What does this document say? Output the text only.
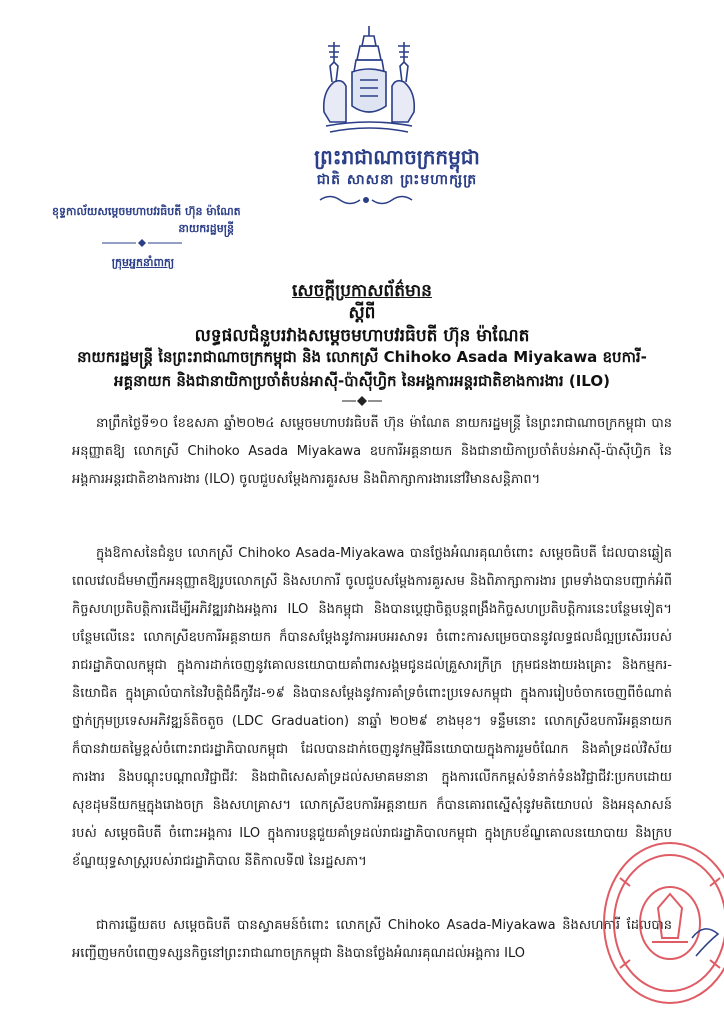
ព្រះរាជាណាចក្រកម្ពុជា
ជាតិ សាសនា ព្រះមហាក្សត្រ
ខុទ្ទកាល័យសម្តេចមហាបវរធិបតី ហ៊ុន ម៉ាណែត
នាយករដ្ឋមន្ត្រី
ក្រុមអ្នកនាំពាក្យ
សេចក្តីប្រកាសព័ត៌មាន
ស្តីពី
លទ្ធផលជំនួបរវាងសម្តេចមហាបវរធិបតី ហ៊ុន ម៉ាណែត
នាយករដ្ឋមន្ត្រី នៃព្រះរាជាណាចក្រកម្ពុជា និង លោកស្រី Chihoko Asada Miyakawa ឧបការី-
អគ្គនាយក និងជានាយិកាប្រចាំតំបន់អាស៊ី-ប៉ាស៊ីហ្វិក នៃអង្គការអន្តរជាតិខាងការងារ (ILO)

នាព្រឹកថ្ងៃទី១០ ខែឧសភា ឆ្នាំ២០២៤ សម្តេចមហាបវរធិបតី ហ៊ុន ម៉ាណែត នាយករដ្ឋមន្ត្រី នៃព្រះរាជាណាចក្រកម្ពុជា បានអនុញ្ញាតឱ្យ លោកស្រី Chihoko Asada Miyakawa ឧបការីអគ្គនាយក និងជានាយិកាប្រចាំតំបន់អាស៊ី-ប៉ាស៊ីហ្វិក នៃអង្គការអន្តរជាតិខាងការងារ (ILO) ចូលជួបសម្តែងការគួរសម និងពិភាក្សាការងារនៅវិមានសន្តិភាព។

ក្នុងឱកាសនៃជំនួប លោកស្រី Chihoko Asada-Miyakawa បានថ្លែងអំណរគុណចំពោះ សម្តេចធិបតី ដែលបានឆ្លៀតពេលវេលដ៏មមាញឹកអនុញ្ញាតឱ្យរូបលោកស្រី និងសហការី ចូលជួបសម្តែងការគួរសម និងពិភាក្សាការងារ ព្រមទាំងបានបញ្ជាក់អំពីកិច្ចសហប្រតិបត្តិការដើម្បីអភិវឌ្ឍរវាងអង្គការ ILO និងកម្ពុជា និងបានប្តេជ្ញាចិត្តបន្តពង្រឹងកិច្ចសហប្រតិបត្តិការនេះបន្ថែមទៀត។ បន្ថែមលើនេះ លោកស្រីឧបការីអគ្គនាយក ក៏បានសម្តែងនូវការអបអរសាទរ ចំពោះការសម្រេចបាននូវលទ្ធផលដ៏ល្អប្រសើររបស់រាជរដ្ឋាភិបាលកម្ពុជា ក្នុងការដាក់ចេញនូវគោលនយោបាយគាំពារសង្គមជូនដល់គ្រួសារក្រីក្រ ក្រុមជនងាយរងគ្រោះ និងកម្មករ-និយោជិត ក្នុងគ្រាលំបាកនៃវិបត្តិជំងឺកូវីដ-១៩ និងបានសម្តែងនូវការគាំទ្រចំពោះប្រទេសកម្ពុជា ក្នុងការរៀបចំចាកចេញពីចំណាត់ថ្នាក់ក្រុមប្រទេសអភិវឌ្ឍន៍តិចតួច (LDC Graduation) នាឆ្នាំ ២០២៩ ខាងមុខ។ ទន្ទឹមនោះ លោកស្រីឧបការីអគ្គនាយក ក៏បានវាយតម្លៃខ្ពស់ចំពោះរាជរដ្ឋាភិបាលកម្ពុជា ដែលបានដាក់ចេញនូវកម្មវិធីនយោបាយក្នុងការរួមចំណែក និងគាំទ្រដល់វិស័យការងារ និងបណ្តុះបណ្តាលវិជ្ជាជីវៈ និងជាពិសេសគាំទ្រដល់សមាគមនានា ក្នុងការលើកកម្ពស់ទំនាក់ទំនងវិជ្ជាជីវៈប្រកបដោយសុខដុមនីយកម្មក្នុងរោងចក្រ និងសហគ្រាស។ លោកស្រីឧបការីអគ្គនាយក ក៏បានគោរពស្នើសុំនូវមតិយោបល់ និងអនុសាសន៍របស់ សម្តេចធិបតី ចំពោះអង្គការ ILO ក្នុងការបន្តជួយគាំទ្រដល់រាជរដ្ឋាភិបាលកម្ពុជា ក្នុងក្របខ័ណ្ឌគោលនយោបាយ និងក្របខ័ណ្ឌយុទ្ធសាស្ត្ររបស់រាជរដ្ឋាភិបាល នីតិកាលទី៧ នៃរដ្ឋសភា។

ជាការឆ្លើយតប សម្តេចធិបតី បានស្វាគមន៍ចំពោះ លោកស្រី Chihoko Asada-Miyakawa និងសហការី ដែលបានអញ្ជើញមកបំពេញទស្សនកិច្ចនៅព្រះរាជាណាចក្រកម្ពុជា និងបានថ្លែងអំណរគុណដល់អង្គការ ILO
